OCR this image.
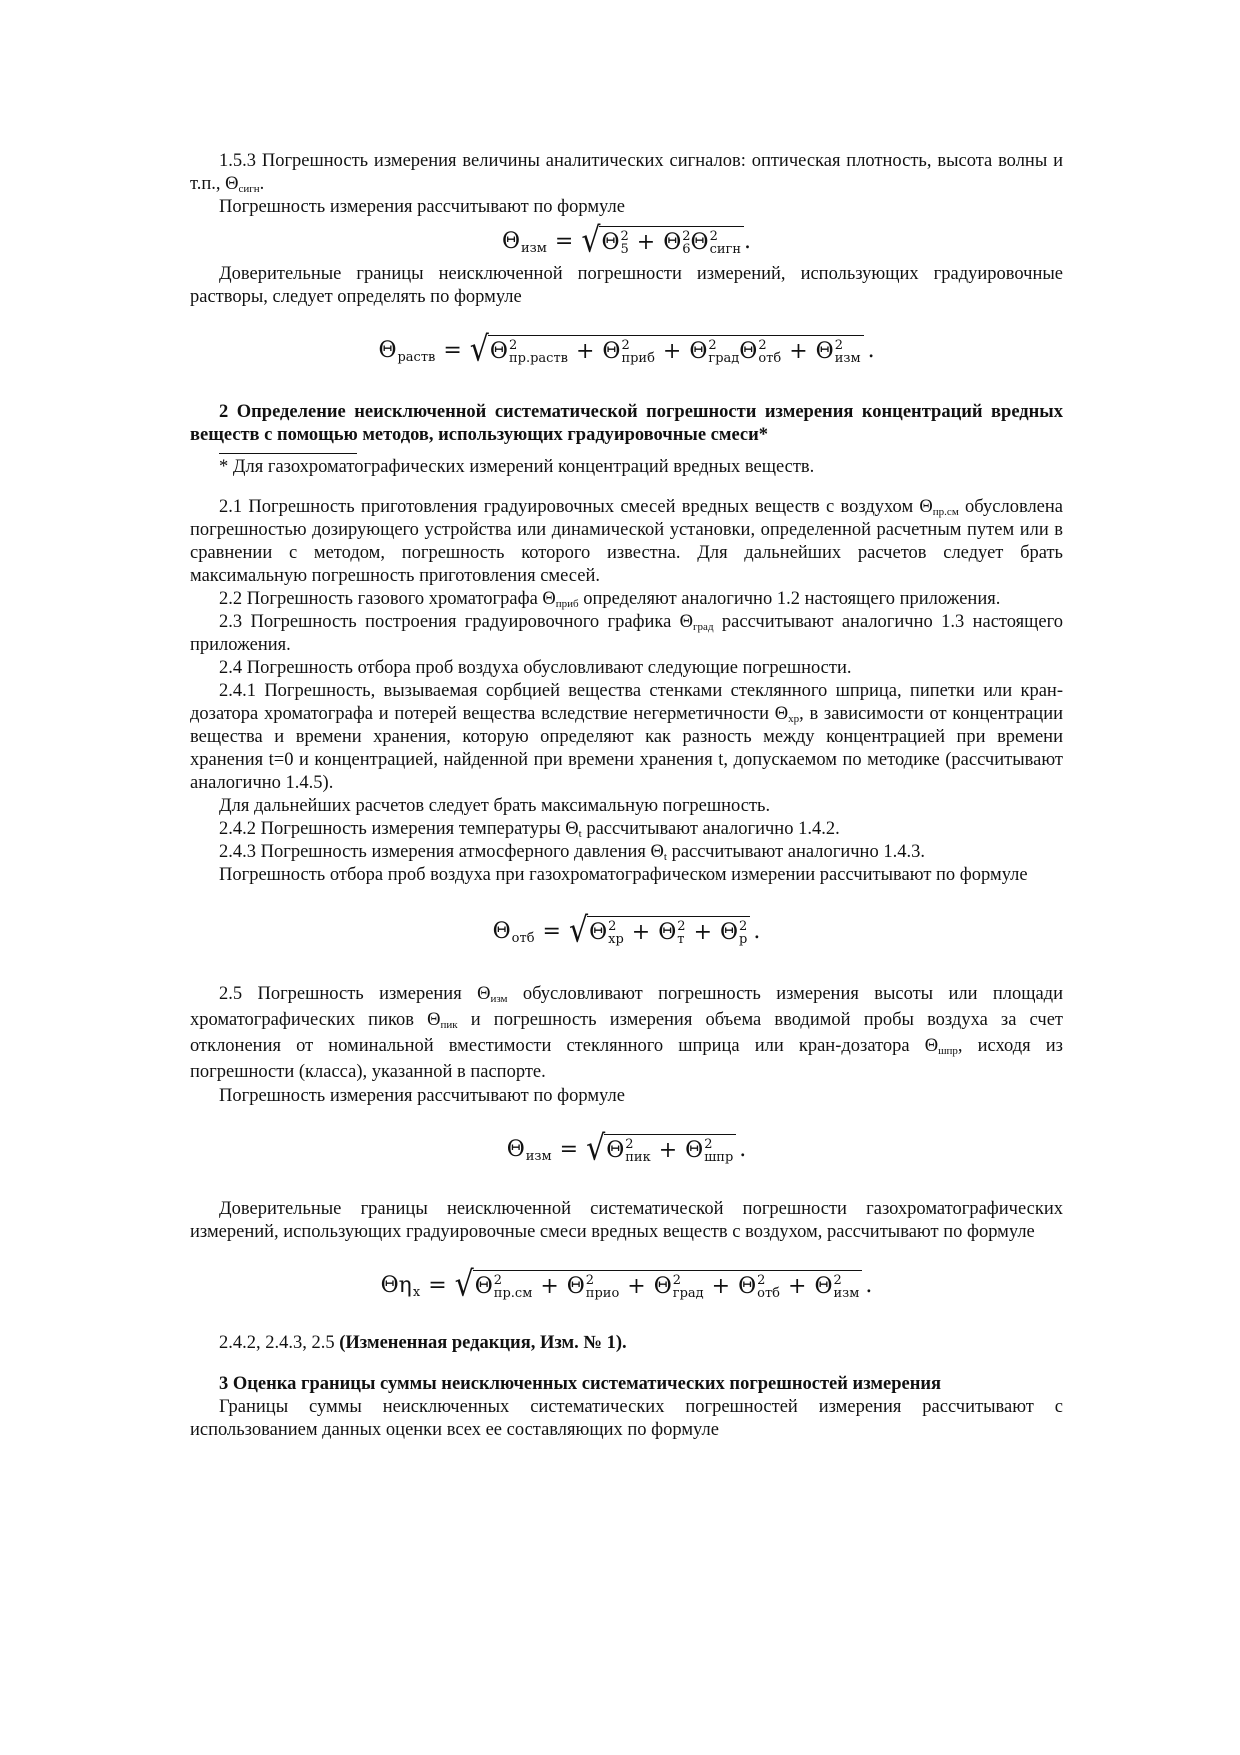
1.5.3 Погрешность измерения величины аналитических сигналов: оптическая плотность, высота волны и т.п., $\Theta_{сигн}$.

Погрешность измерения рассчитывают по формуле

Θ изм = √ Θ 2
5 + Θ 2
6 Θ 2
сигн .

Доверительные границы неисключенной погрешности измерений, использующих градуировочные растворы, следует определять по формуле

Θ раств = √ Θ 2
пр.раств + Θ 2
приб + Θ 2
град Θ 2
отб + Θ 2
изм .

2 Определение неисключенной систематической погрешности измерения концентраций вредных веществ с помощью методов, использующих градуировочные смеси*

* Для газохроматографических измерений концентраций вредных веществ.

2.1 Погрешность приготовления градуировочных смесей вредных веществ с воздухом $\Theta_{пр.см}$ обусловлена погрешностью дозирующего устройства или динамической установки, определенной расчетным путем или в сравнении с методом, погрешность которого известна. Для дальнейших расчетов следует брать максимальную погрешность приготовления смесей.

2.2 Погрешность газового хроматографа $\Theta_{приб}$ определяют аналогично 1.2 настоящего приложения.

2.3 Погрешность построения градуировочного графика $\Theta_{град}$ рассчитывают аналогично 1.3 настоящего приложения.

2.4 Погрешность отбора проб воздуха обусловливают следующие погрешности.

2.4.1 Погрешность, вызываемая сорбцией вещества стенками стеклянного шприца, пипетки или кран-дозатора хроматографа и потерей вещества вследствие негерметичности $\Theta_{хр}$, в зависимости от концентрации вещества и времени хранения, которую определяют как разность между концентрацией при времени хранения t=0 и концентрацией, найденной при времени хранения t, допускаемом по методике (рассчитывают аналогично 1.4.5).

Для дальнейших расчетов следует брать максимальную погрешность.

2.4.2 Погрешность измерения температуры $\Theta_t$ рассчитывают аналогично 1.4.2.

2.4.3 Погрешность измерения атмосферного давления $\Theta_t$ рассчитывают аналогично 1.4.3.

Погрешность отбора проб воздуха при газохроматографическом измерении рассчитывают по формуле

Θ отб = √ Θ 2
хр + Θ 2
т + Θ 2
р .

2.5 Погрешность измерения $\Theta_{изм}$ обусловливают погрешность измерения высоты или площади хроматографических пиков $\Theta_{пик}$ и погрешность измерения объема вводимой пробы воздуха за счет отклонения от номинальной вместимости стеклянного шприца или кран-дозатора $\Theta_{шпр}$, исходя из погрешности (класса), указанной в паспорте.

Погрешность измерения рассчитывают по формуле

Θ изм = √ Θ 2
пик + Θ 2
шпр .

Доверительные границы неисключенной систематической погрешности газохроматографических измерений, использующих градуировочные смеси вредных веществ с воздухом, рассчитывают по формуле

Θη х = √ Θ 2
пр.см + Θ 2
прио + Θ 2
град + Θ 2
отб + Θ 2
изм .

2.4.2, 2.4.3, 2.5 (Измененная редакция, Изм. № 1).

3 Оценка границы суммы неисключенных систематических погрешностей измерения

Границы суммы неисключенных систематических погрешностей измерения рассчитывают с использованием данных оценки всех ее составляющих по формуле
